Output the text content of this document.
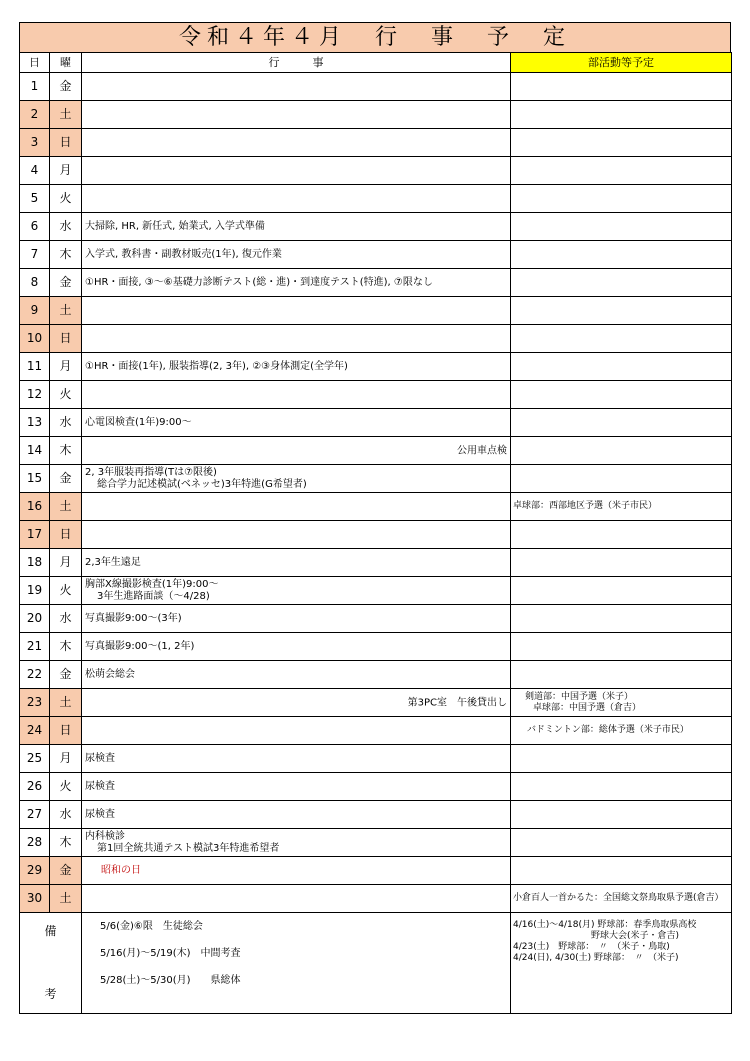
令和４年４月　行　事　予　定
日	曜	行　　　事	部活動等予定
1	金		
2	土		
3	日		
4	月		
5	火		
6	水	大掃除, HR, 新任式, 始業式, 入学式準備	

7	木	入学式, 教科書・副教材販売(1年), 復元作業	

8	金	①HR・面接, ③～⑥基礎力診断テスト(総・進)・到達度テスト(特進), ⑦限なし	

9	土		
10	日		
11	月	①HR・面接(1年), 服装指導(2, 3年), ②③身体測定(全学年)	

12	火		
13	水	心電図検査(1年)9:00～	

14	木	公用車点検	

15	金	2, 3年服装再指導(Tは⑦限後)
総合学力記述模試(ベネッセ)3年特進(G希望者)	

16	土		卓球部：西部地区予選（米子市民）

17	日		
18	月	2,3年生遠足	

19	火	胸部X線撮影検査(1年)9:00～
3年生進路面談（～4/28)	

20	水	写真撮影9:00～(3年)	

21	木	写真撮影9:00～(1, 2年)	

22	金	松萌会総会	

23	土	第3PC室　午後貸出し	剣道部：中国予選（米子）
卓球部：中国予選（倉吉）

24	日		バドミントン部：総体予選（米子市民）

25	月	尿検査	

26	火	尿検査	

27	水	尿検査	

28	木	内科検診
第1回全統共通テスト模試3年特進希望者	

29	金	昭和の日	

30	土		小倉百人一首かるた：全国総文祭鳥取県予選(倉吉）
備
考

5/6(金)⑥限　生徒総会
5/16(月)～5/19(木)　中間考査
5/28(土)～5/30(月)　　県総体

4/16(土)～4/18(月) 野球部：春季鳥取県高校
野球大会(米子・倉吉)
4/23(土)　野球部：　〃　（米子・鳥取)
4/24(日), 4/30(土) 野球部：　〃　（米子)
